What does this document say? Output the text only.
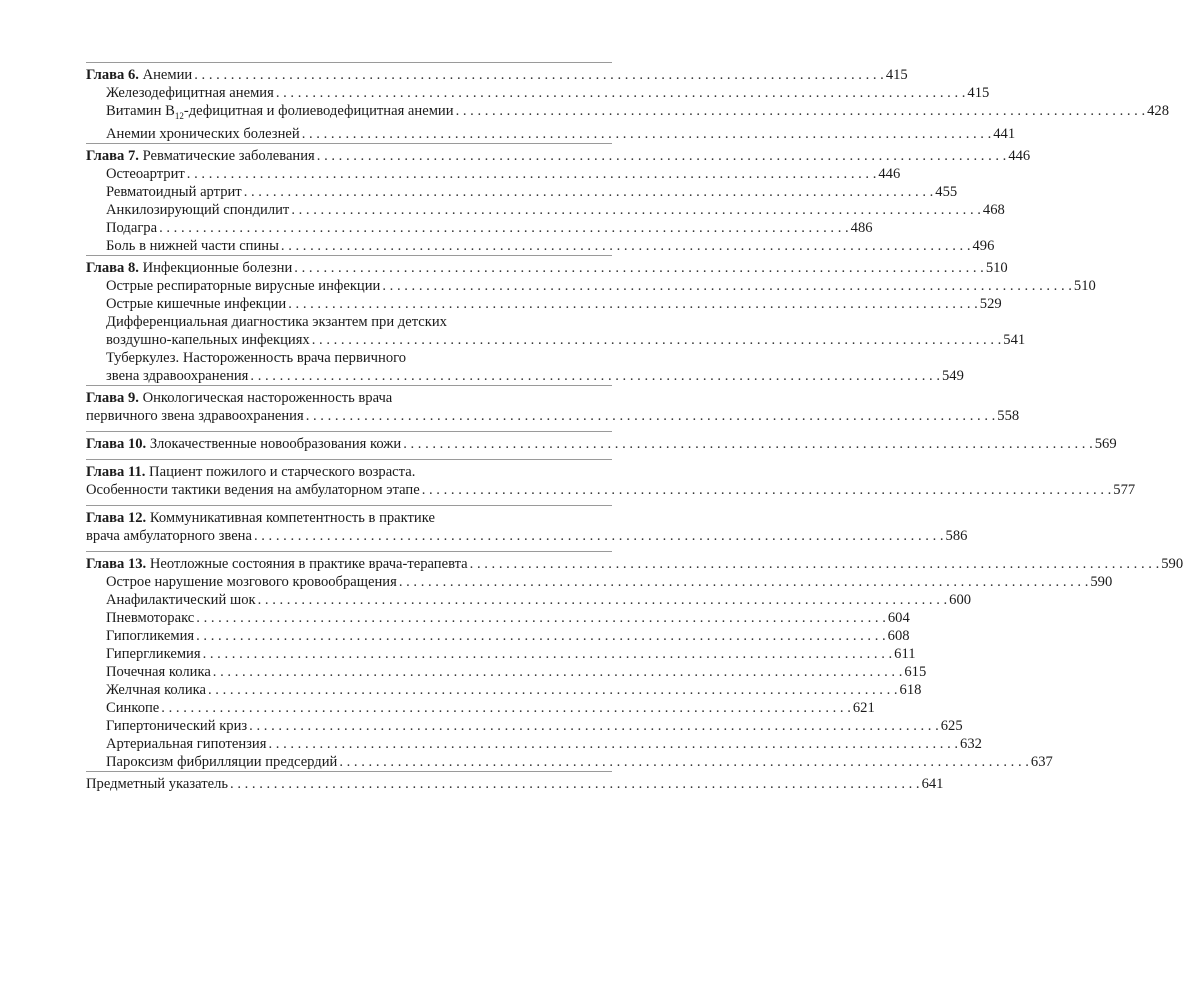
Глава 6. Анемии . . .	415
Железодефицитная анемия . . .	415
Витамин $B_{12}$-дефицитная и фолиеводефицитная анемии . . .	428
Анемии хронических болезней . . .	441
Глава 7. Ревматические заболевания . . .	446
Остеоартрит . . .	446
Ревматоидный артрит . . .	455
Анкилозирующий спондилит . . .	468
Подагра . . .	486
Боль в нижней части спины . . .	496
Глава 8. Инфекционные болезни . . .	510
Острые респираторные вирусные инфекции . . .	510
Острые кишечные инфекции . . .	529
Дифференциальная диагностика экзантем при детских
воздушно-капельных инфекциях . . .	541
Туберкулез. Настороженность врача первичного
звена здравоохранения . . .	549
Глава 9. Онкологическая настороженность врача
первичного звена здравоохранения . . .	558
Глава 10. Злокачественные новообразования кожи . . .	569
Глава 11. Пациент пожилого и старческого возраста.
Особенности тактики ведения на амбулаторном этапе . . .	577
Глава 12. Коммуникативная компетентность в практике
врача амбулаторного звена . . .	586
Глава 13. Неотложные состояния в практике врача-терапевта . . .	590
Острое нарушение мозгового кровообращения . . .	590
Анафилактический шок . . .	600
Пневмоторакс . . .	604
Гипогликемия . . .	608
Гипергликемия . . .	611
Почечная колика . . .	615
Желчная колика . . .	618
Синкопе . . .	621
Гипертонический криз . . .	625
Артериальная гипотензия . . .	632
Пароксизм фибрилляции предсердий . . .	637
Предметный указатель . . .	641
